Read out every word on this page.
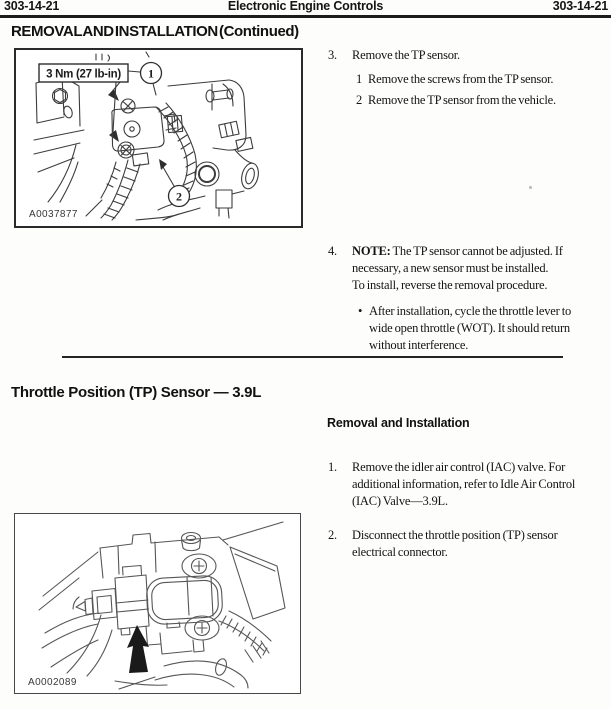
303-14-21	Electronic Engine Controls	303-14-21
REMOVAL AND INSTALLATION (Continued)
3 Nm (27 lb-in) 1
2
A0037877
3.	Remove the TP sensor.
1 Remove the screws from the TP sensor.
2 Remove the TP sensor from the vehicle.
4.	NOTE: The TP sensor cannot be adjusted. If necessary, a new sensor must be installed.

To install, reverse the removal procedure.

• After installation, cycle the throttle lever to wide open throttle (WOT). It should return without interference.
Throttle Position (TP) Sensor — 3.9L
Removal and Installation
1.	Remove the idler air control (IAC) valve. For additional information, refer to Idle Air Control (IAC) Valve—3.9L.
2.	Disconnect the throttle position (TP) sensor electrical connector.
A0002089
